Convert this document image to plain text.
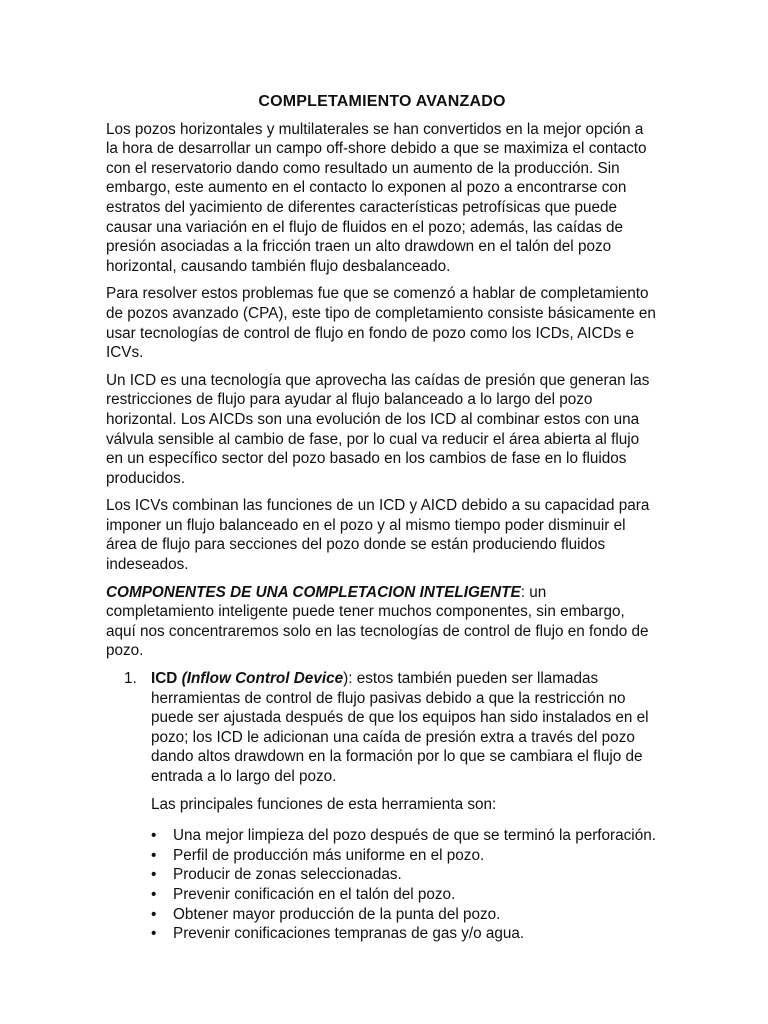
COMPLETAMIENTO AVANZADO

Los pozos horizontales y multilaterales se han convertidos en la mejor opción a la hora de desarrollar un campo off-shore debido a que se maximiza el contacto con el reservatorio dando como resultado un aumento de la producción. Sin embargo, este aumento en el contacto lo exponen al pozo a encontrarse con estratos del yacimiento de diferentes características petrofísicas que puede causar una variación en el flujo de fluidos en el pozo; además, las caídas de presión asociadas a la fricción traen un alto drawdown en el talón del pozo horizontal, causando también flujo desbalanceado.

Para resolver estos problemas fue que se comenzó a hablar de completamiento de pozos avanzado (CPA), este tipo de completamiento consiste básicamente en usar tecnologías de control de flujo en fondo de pozo como los ICDs, AICDs e ICVs.

Un ICD es una tecnología que aprovecha las caídas de presión que generan las restricciones de flujo para ayudar al flujo balanceado a lo largo del pozo horizontal. Los AICDs son una evolución de los ICD al combinar estos con una válvula sensible al cambio de fase, por lo cual va reducir el área abierta al flujo en un específico sector del pozo basado en los cambios de fase en lo fluidos producidos.

Los ICVs combinan las funciones de un ICD y AICD debido a su capacidad para imponer un flujo balanceado en el pozo y al mismo tiempo poder disminuir el área de flujo para secciones del pozo donde se están produciendo fluidos indeseados.

COMPONENTES DE UNA COMPLETACION INTELIGENTE: un completamiento inteligente puede tener muchos componentes, sin embargo, aquí nos concentraremos solo en las tecnologías de control de flujo en fondo de pozo.

1. ICD (Inflow Control Device): estos también pueden ser llamadas herramientas de control de flujo pasivas debido a que la restricción no puede ser ajustada después de que los equipos han sido instalados en el pozo; los ICD le adicionan una caída de presión extra a través del pozo dando altos drawdown en la formación por lo que se cambiara el flujo de entrada a lo largo del pozo.

Las principales funciones de esta herramienta son:

• Una mejor limpieza del pozo después de que se terminó la perforación.
• Perfil de producción más uniforme en el pozo.
• Producir de zonas seleccionadas.
• Prevenir conificación en el talón del pozo.
• Obtener mayor producción de la punta del pozo.
• Prevenir conificaciones tempranas de gas y/o agua.
